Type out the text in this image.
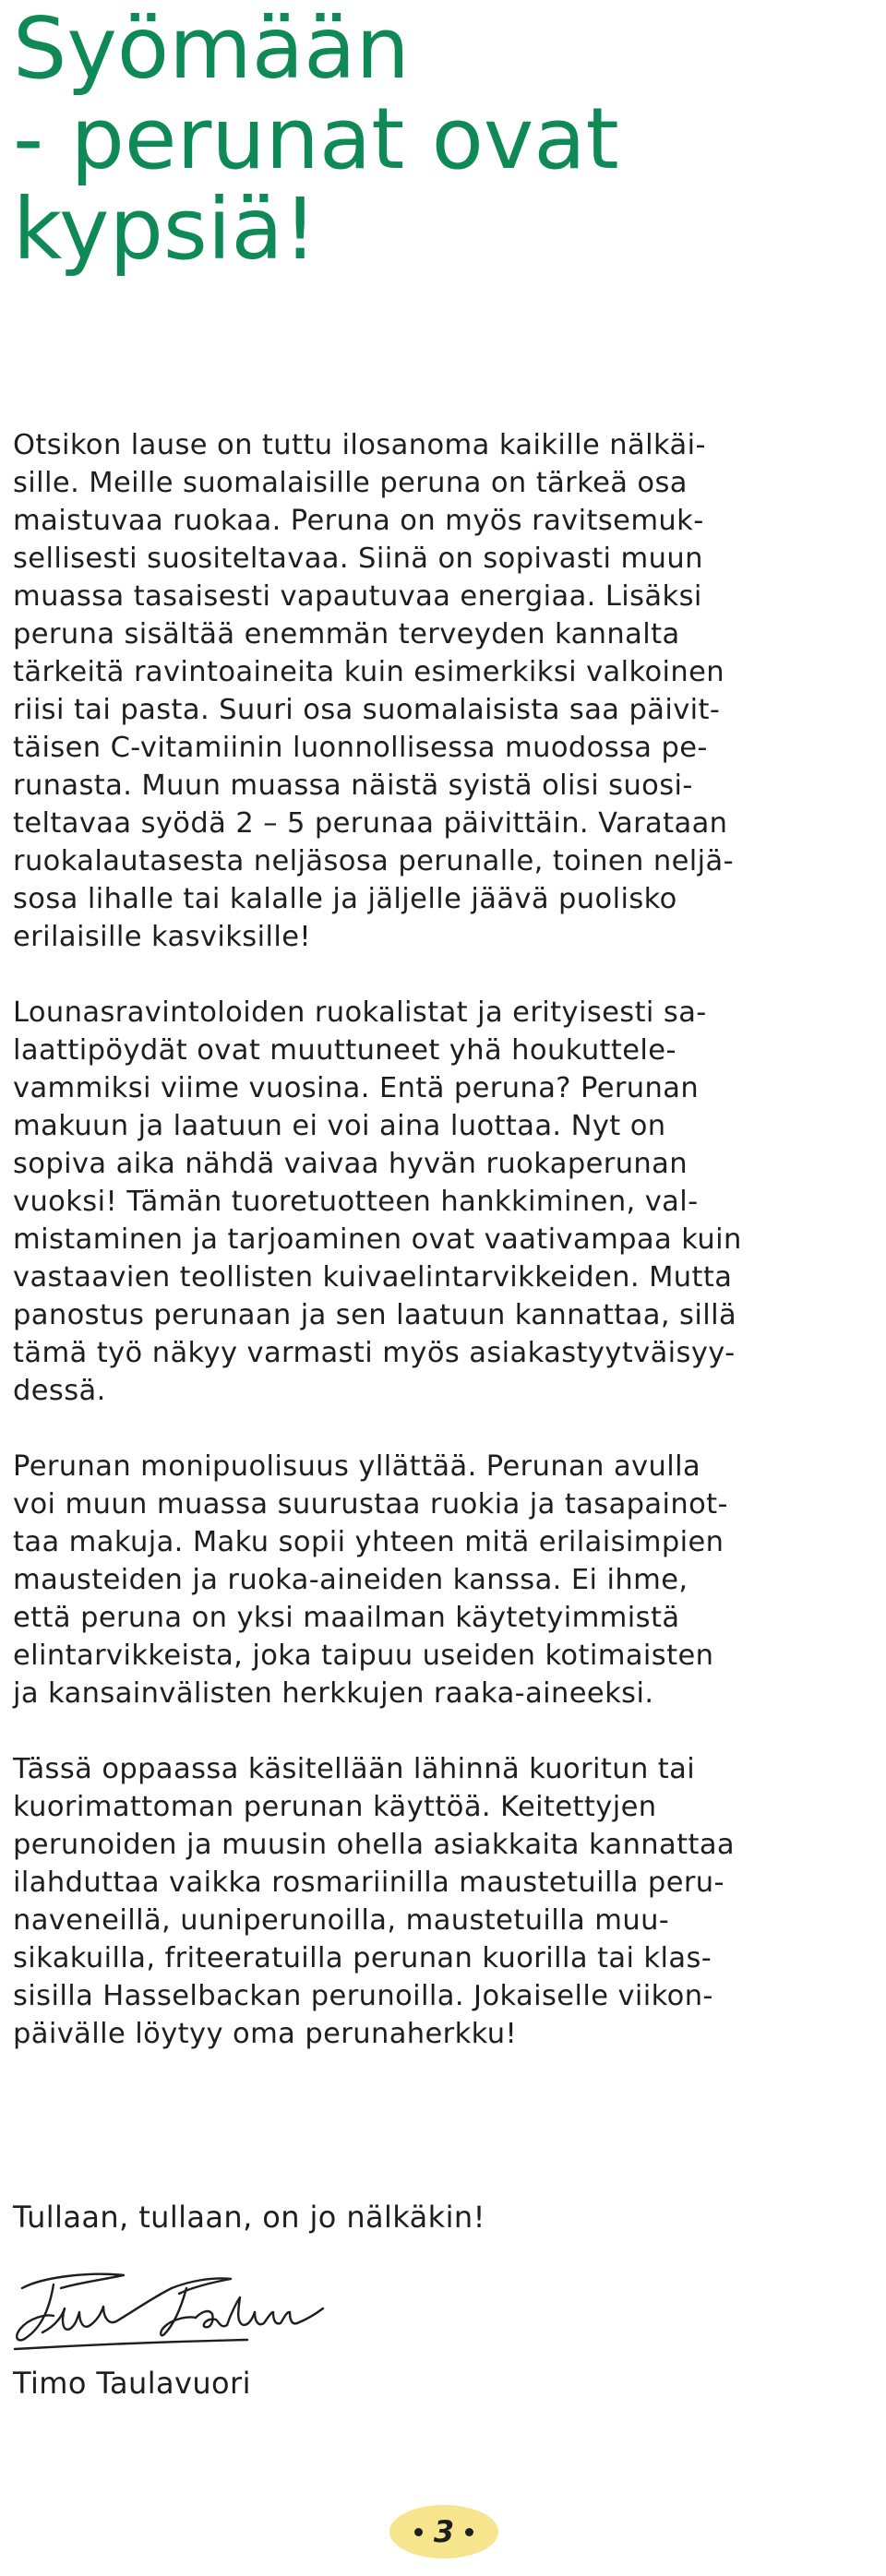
Syömään
- perunat ovat
kypsiä!

Otsikon lause on tuttu ilosanoma kaikille nälkäi-
sille. Meille suomalaisille peruna on tärkeä osa
maistuvaa ruokaa. Peruna on myös ravitsemuk-
sellisesti suositeltavaa. Siinä on sopivasti muun
muassa tasaisesti vapautuvaa energiaa. Lisäksi
peruna sisältää enemmän terveyden kannalta
tärkeitä ravintoaineita kuin esimerkiksi valkoinen
riisi tai pasta. Suuri osa suomalaisista saa päivit-
täisen C-vitamiinin luonnollisessa muodossa pe-
runasta. Muun muassa näistä syistä olisi suosi-
teltavaa syödä 2 – 5 perunaa päivittäin. Varataan
ruokalautasesta neljäsosa perunalle, toinen neljä-
sosa lihalle tai kalalle ja jäljelle jäävä puolisko
erilaisille kasviksille!

Lounasravintoloiden ruokalistat ja erityisesti sa-
laattipöydät ovat muuttuneet yhä houkuttele-
vammiksi viime vuosina. Entä peruna? Perunan
makuun ja laatuun ei voi aina luottaa. Nyt on
sopiva aika nähdä vaivaa hyvän ruokaperunan
vuoksi! Tämän tuoretuotteen hankkiminen, val-
mistaminen ja tarjoaminen ovat vaativampaa kuin
vastaavien teollisten kuivaelintarvikkeiden. Mutta
panostus perunaan ja sen laatuun kannattaa, sillä
tämä työ näkyy varmasti myös asiakastyytväisyy-
dessä.

Perunan monipuolisuus yllättää. Perunan avulla
voi muun muassa suurustaa ruokia ja tasapainot-
taa makuja. Maku sopii yhteen mitä erilaisimpien
mausteiden ja ruoka-aineiden kanssa. Ei ihme,
että peruna on yksi maailman käytetyimmistä
elintarvikkeista, joka taipuu useiden kotimaisten
ja kansainvälisten herkkujen raaka-aineeksi.

Tässä oppaassa käsitellään lähinnä kuoritun tai
kuorimattoman perunan käyttöä. Keitettyjen
perunoiden ja muusin ohella asiakkaita kannattaa
ilahduttaa vaikka rosmariinilla maustetuilla peru-
naveneillä, uuniperunoilla, maustetuilla muu-
sikakuilla, friteeratuilla perunan kuorilla tai klas-
sisilla Hasselbackan perunoilla. Jokaiselle viikon-
päivälle löytyy oma perunaherkku!

Tullaan, tullaan, on jo nälkäkin!

Timo Taulavuori

3
